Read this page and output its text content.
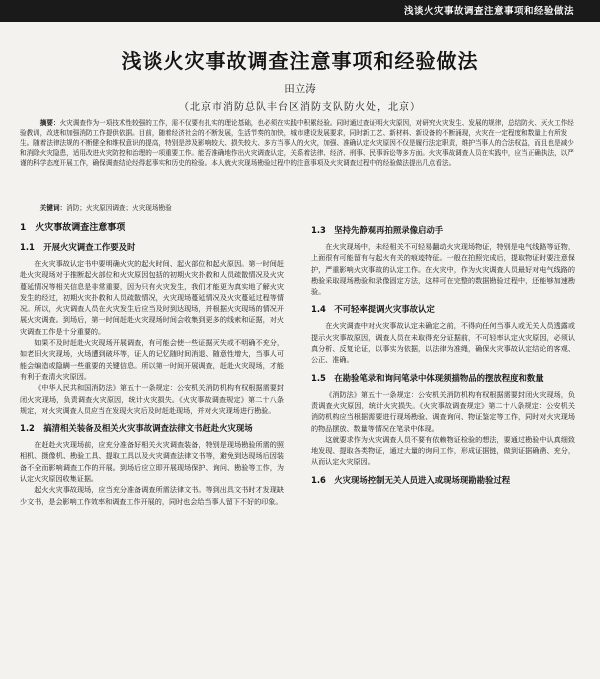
浅谈火灾事故调查注意事项和经验做法
浅谈火灾事故调查注意事项和经验做法
田立涛
（北京市消防总队丰台区消防支队防火处，北京）
摘要：火灾调查作为一项技术性较强的工作，需不仅要有扎实的理论基础，也必须在实践中积累经验。同时通过查证明火灾原因，对研究火灾发生、发展的规律，总结防火、灭火工作经验教训，改进和加强消防工作提供依据。目前，随着经济社会的不断发展，生活节奏的加快，城市建设发展要求，同时新工艺、新材料、新设备的不断涌现，火灾在一定程度和数量上有所发生。随着法律法规的不断健全和维权意识的提高，特别是涉及影响较大、损失较大、多方当事人的火灾，加强、准确认定火灾原因不仅是履行法定职责，维护当事人的合法权益，而且也是减少和消除火灾隐患，适用改进火灾防控和治理的一项重要工作。能否准确地作出火灾调查认定，关系着法律、经济、刑事、民事诉讼等多方面。火灾事故调查人员在实践中，应当正确执法，以严谨的科学态度开展工作，确保调查结论经得起事实和历史的检验。本人就火灾现场勘验过程中的注意事项及火灾调查过程中的经验做法提出几点看法。
关键词：消防；火灾原因调查；火灾现场勘验
1　火灾事故调查注意事项
1.1　开展火灾调查工作要及时

在火灾事故认定书中要明确火灾的起火时间、起火部位和起火原因。第一时间赶赴火灾现场对于推断起火部位和火灾原因包括的初期火灾扑救和人员疏散情况及火灾蔓延情况等相关信息是非常重要，因为只有火灾发生，我们才能更为真实地了解火灾发生的经过，初期火灾扑救和人员疏散情况，火灾现场蔓延情况及火灾蔓延过程等情况。所以，火灾调查人员在火灾发生后应当及时到达现场，并根据火灾现场的情况开展火灾调查。到场后，第一时间赶赴火灾现场时间会收集到更多的线索和证据，对火灾调查工作是十分重要的。

如果不及时赶赴火灾现场开展调查，有可能会使一些证据灭失或不明确不充分，如老旧火灾现场，火场遭到破坏等，证人的记忆随时间消退、随意性增大，当事人可能会编造或隐瞒一些重要的关键信息。所以第一时间开展调查，赶赴火灾现场，才能有利于查清火灾原因。

《中华人民共和国消防法》第五十一条规定：公安机关消防机构有权根据需要封闭火灾现场，负责调查火灾原因，统计火灾损失。《火灾事故调查规定》第二十八条规定，对火灾调查人员应当在发现火灾后及时赶赴现场，并对火灾现场进行勘验。

1.2　搞清相关装备及相关火灾事故调查法律文书赶赴火灾现场

在赶赴火灾现场前，应充分准备好相关火灾调查装备，特别是现场勘验所需的照相机、摄像机、勘验工具、提取工具以及火灾调查法律文书等，避免到达现场后因装备不全而影响调查工作的开展。到场后应立即开展现场保护、询问、勘验等工作，为认定火灾原因收集证据。

起火火灾事故现场，应当充分准备调查所需法律文书。等到出具文书时才发现缺少文书，是会影响工作效率和调查工作开展的，同时也会给当事人留下不好的印象。

1.3　坚持先静观再拍照录像启动手

在火灾现场中，未经相关不可轻易翻动火灾现场物证，特别是电气线路等证物，上面很有可能留有与起火有关的痕迹特征。一般在拍照完成后，提取物证时要注意保护，严重影响火灾事故的认定工作。在火灾中，作为火灾调查人员最好对电气线路的勘验采取现场勘验和录像固定方法，这样可在完整的数据勘验过程中，还能够加速勘验。

1.4　不可轻率提调火灾事故认定

在火灾调查中对火灾事故认定未确定之前，不得向任何当事人或无关人员透露或提示火灾事故原因，调查人员在未取得充分证据前，不可轻率认定火灾原因，必须认真分析、反复论证，以事实为依据，以法律为准绳，确保火灾事故认定结论的客观、公正、准确。

1.5　在勘验笔录和询问笔录中体现须描物品的摆放程度和数量

《消防法》第五十一条规定：公安机关消防机构有权根据需要封闭火灾现场，负责调查火灾原因，统计火灾损失。《火灾事故调查规定》第二十八条规定：公安机关消防机构应当根据需要进行现场勘验、调查询问、物证鉴定等工作，同时对火灾现场的物品摆放、数量等情况在笔录中体现。

这就要求作为火灾调查人员不要有依赖物证检验的想法，要通过勘验中认真细致地发现、提取各类物证，通过大量的询问工作，形成证据链，做到证据确凿、充分，从而认定火灾原因。

1.6　火灾现场控制无关人员进入或现场现勘勘验过程
